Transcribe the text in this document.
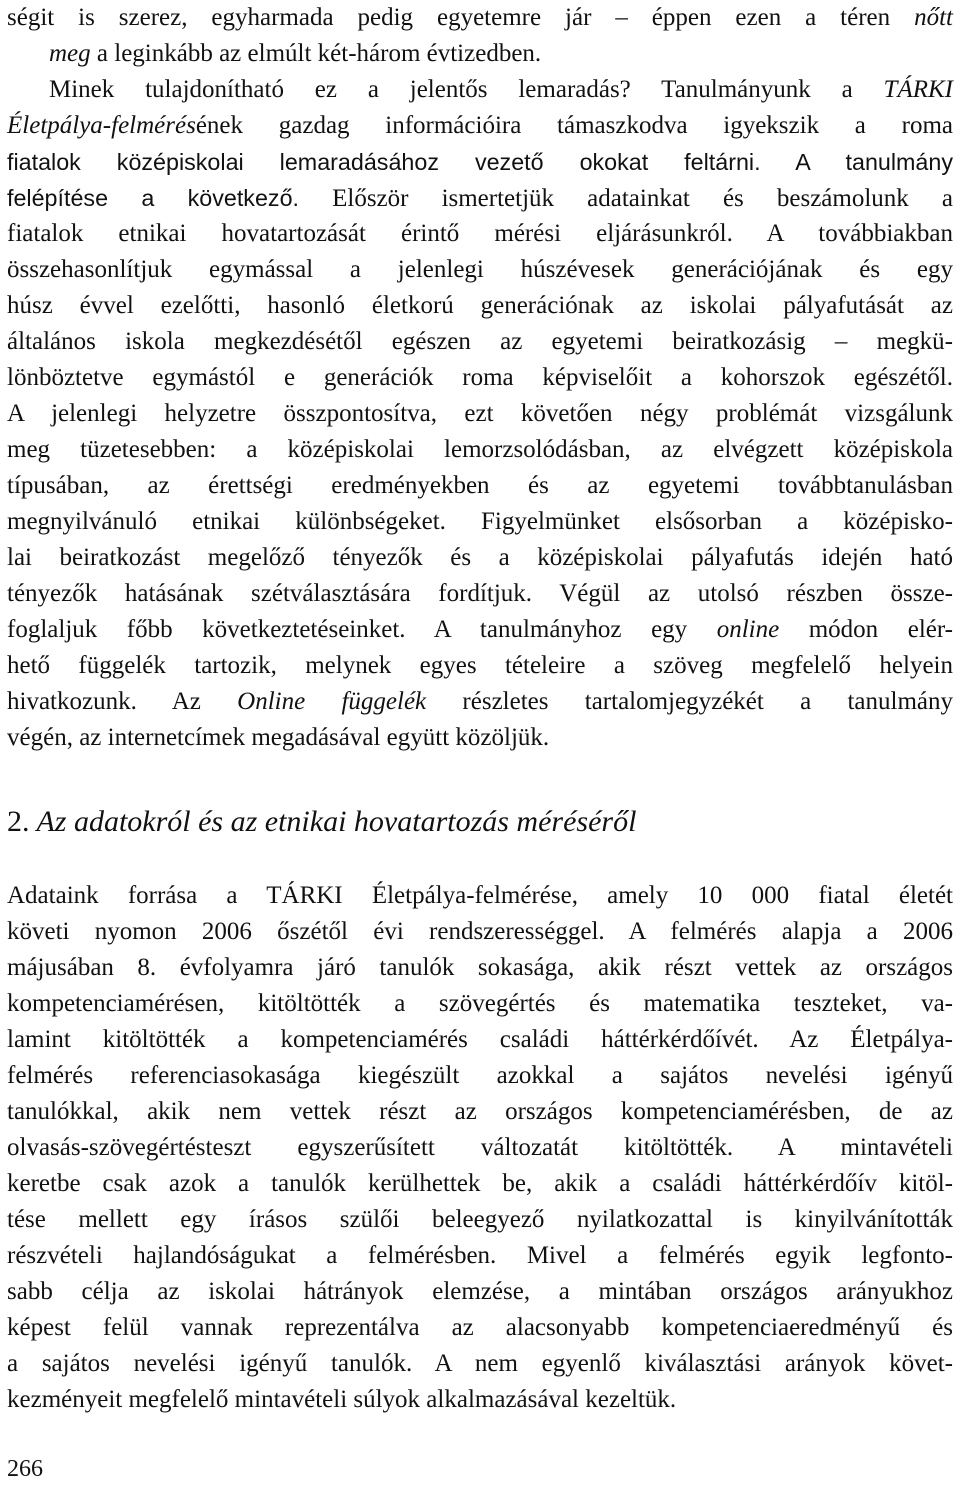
ségit is szerez, egyharmada pedig egyetemre jár – éppen ezen a téren nőtt
meg a leginkább az elmúlt két-három évtizedben.
Minek tulajdonítható ez a jelentős lemaradás? Tanulmányunk a TÁRKI
Életpálya-felmérésének gazdag információira támaszkodva igyekszik a roma
fiatalok középiskolai lemaradásához vezető okokat feltárni. A tanulmány
felépítése a következő. Először ismertetjük adatainkat és beszámolunk a
fiatalok etnikai hovatartozását érintő mérési eljárásunkról. A továbbiakban
összehasonlítjuk egymással a jelenlegi húszévesek generációjának és egy
húsz évvel ezelőtti, hasonló életkorú generációnak az iskolai pályafutását az
általános iskola megkezdésétől egészen az egyetemi beiratkozásig – megkü-
lönböztetve egymástól e generációk roma képviselőit a kohorszok egészétől.
A jelenlegi helyzetre összpontosítva, ezt követően négy problémát vizsgálunk
meg tüzetesebben: a középiskolai lemorzsolódásban, az elvégzett középiskola
típusában, az érettségi eredményekben és az egyetemi továbbtanulásban
megnyilvánuló etnikai különbségeket. Figyelmünket elsősorban a középisko-
lai beiratkozást megelőző tényezők és a középiskolai pályafutás idején ható
tényezők hatásának szétválasztására fordítjuk. Végül az utolsó részben össze-
foglaljuk főbb következtetéseinket. A tanulmányhoz egy online módon elér-
hető függelék tartozik, melynek egyes tételeire a szöveg megfelelő helyein
hivatkozunk. Az Online függelék részletes tartalomjegyzékét a tanulmány
végén, az internetcímek megadásával együtt közöljük.
2. Az adatokról és az etnikai hovatartozás méréséről
Adataink forrása a TÁRKI Életpálya-felmérése, amely 10 000 fiatal életét
követi nyomon 2006 őszétől évi rendszerességgel. A felmérés alapja a 2006
májusában 8. évfolyamra járó tanulók sokasága, akik részt vettek az országos
kompetenciamérésen, kitöltötték a szövegértés és matematika teszteket, va-
lamint kitöltötték a kompetenciamérés családi háttérkérdőívét. Az Életpálya-
felmérés referenciasokasága kiegészült azokkal a sajátos nevelési igényű
tanulókkal, akik nem vettek részt az országos kompetenciamérésben, de az
olvasás-szövegértésteszt egyszerűsített változatát kitöltötték. A mintavételi
keretbe csak azok a tanulók kerülhettek be, akik a családi háttérkérdőív kitöl-
tése mellett egy írásos szülői beleegyező nyilatkozattal is kinyilvánították
részvételi hajlandóságukat a felmérésben. Mivel a felmérés egyik legfonto-
sabb célja az iskolai hátrányok elemzése, a mintában országos arányukhoz
képest felül vannak reprezentálva az alacsonyabb kompetenciaeredményű és
a sajátos nevelési igényű tanulók. A nem egyenlő kiválasztási arányok követ-
kezményeit megfelelő mintavételi súlyok alkalmazásával kezeltük.
266
